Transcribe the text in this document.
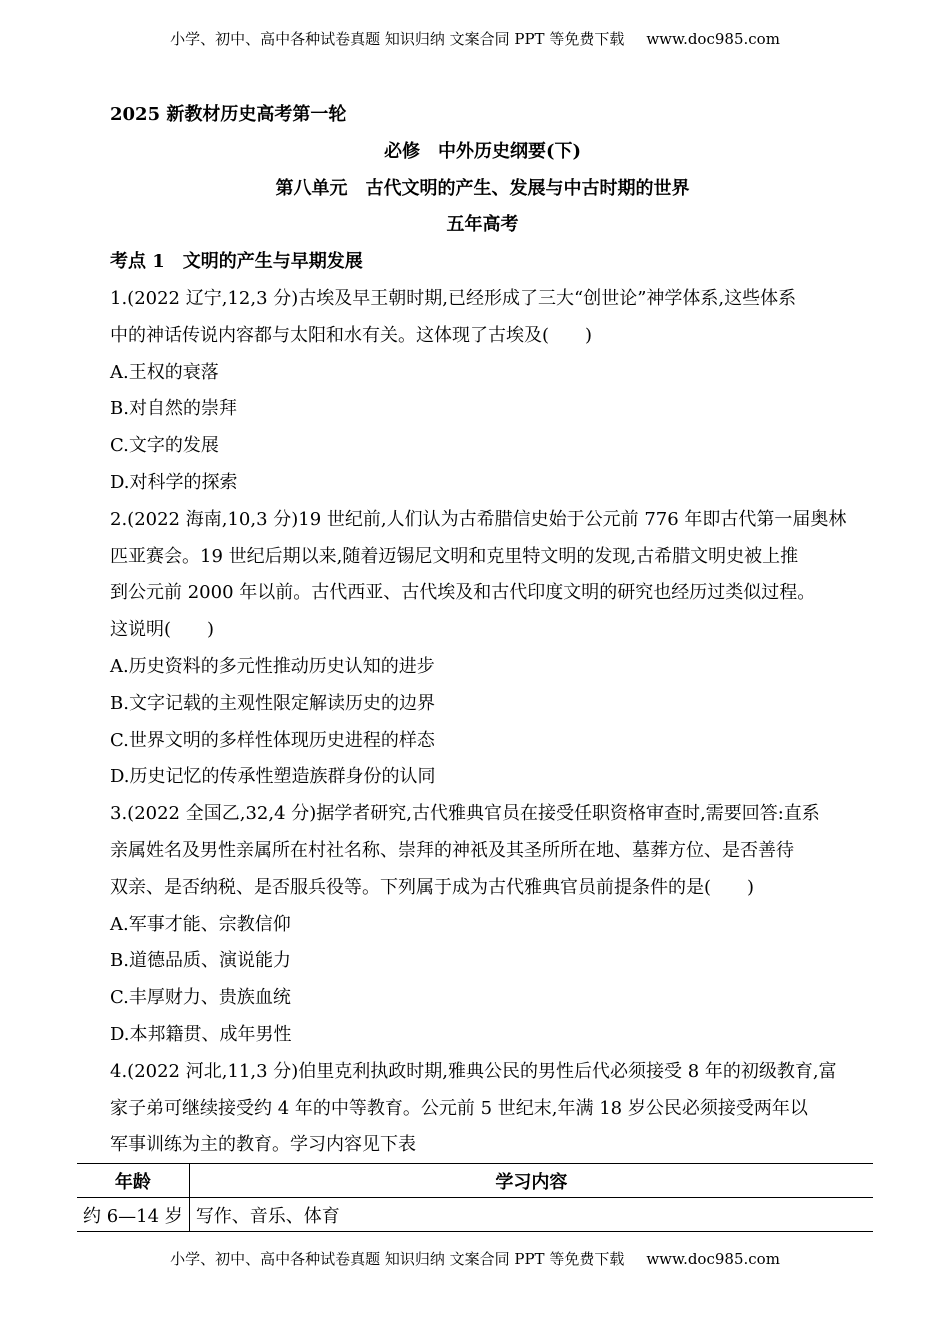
小学、初中、高中各种试卷真题 知识归纳 文案合同 PPT 等免费下载 www.doc985.com
2025 新教材历史高考第一轮
必修　中外历史纲要(下)
第八单元　古代文明的产生、发展与中古时期的世界
五年高考
考点 1　文明的产生与早期发展
1.(2022 辽宁,12,3 分)古埃及早王朝时期,已经形成了三大“创世论”神学体系,这些体系
中的神话传说内容都与太阳和水有关。这体现了古埃及(　　)
A.王权的衰落
B.对自然的崇拜
C.文字的发展
D.对科学的探索
2.(2022 海南,10,3 分)19 世纪前,人们认为古希腊信史始于公元前 776 年即古代第一届奥林
匹亚赛会。19 世纪后期以来,随着迈锡尼文明和克里特文明的发现,古希腊文明史被上推
到公元前 2000 年以前。古代西亚、古代埃及和古代印度文明的研究也经历过类似过程。
这说明(　　)
A.历史资料的多元性推动历史认知的进步
B.文字记载的主观性限定解读历史的边界
C.世界文明的多样性体现历史进程的样态
D.历史记忆的传承性塑造族群身份的认同
3.(2022 全国乙,32,4 分)据学者研究,古代雅典官员在接受任职资格审查时,需要回答:直系
亲属姓名及男性亲属所在村社名称、崇拜的神祇及其圣所所在地、墓葬方位、是否善待
双亲、是否纳税、是否服兵役等。下列属于成为古代雅典官员前提条件的是(　　)
A.军事才能、宗教信仰
B.道德品质、演说能力
C.丰厚财力、贵族血统
D.本邦籍贯、成年男性
4.(2022 河北,11,3 分)伯里克利执政时期,雅典公民的男性后代必须接受 8 年的初级教育,富
家子弟可继续接受约 4 年的中等教育。公元前 5 世纪末,年满 18 岁公民必须接受两年以
军事训练为主的教育。学习内容见下表
年龄	学习内容
约 6—14 岁	写作、音乐、体育
小学、初中、高中各种试卷真题 知识归纳 文案合同 PPT 等免费下载 www.doc985.com
